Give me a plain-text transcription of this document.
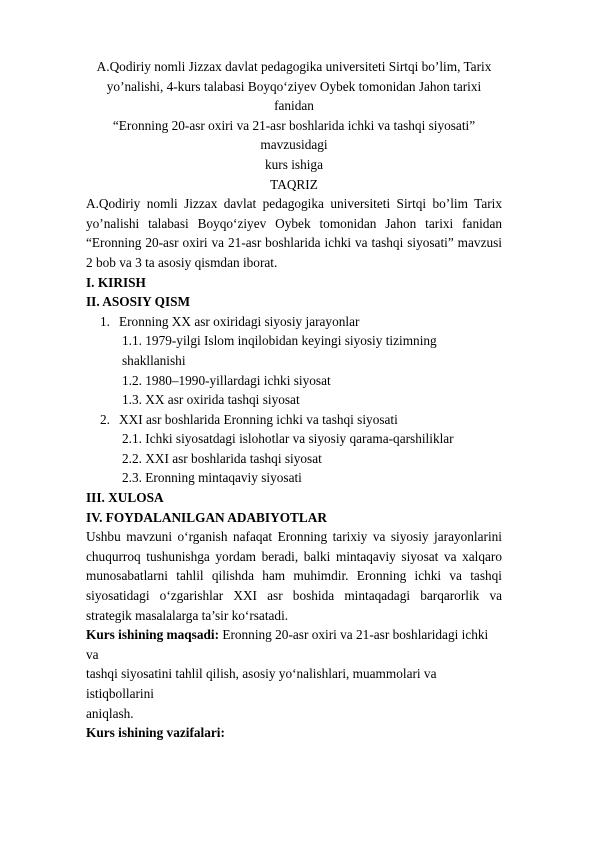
A.Qodiriy nomli Jizzax davlat pedagogika universiteti Sirtqi bo’lim, Tarix

yo’nalishi, 4-kurs talabasi Boyqo‘ziyev Oybek tomonidan Jahon tarixi fanidan

“Eronning 20-asr oxiri va 21-asr boshlarida ichki va tashqi siyosati” mavzusidagi

kurs ishiga

TAQRIZ

A.Qodiriy nomli Jizzax davlat pedagogika universiteti Sirtqi bo’lim Tarix yo’nalishi talabasi Boyqo‘ziyev Oybek tomonidan Jahon tarixi fanidan “Eronning 20-asr oxiri va 21-asr boshlarida ichki va tashqi siyosati” mavzusi 2 bob va 3 ta asosiy qismdan iborat.

I. KIRISH

II. ASOSIY QISM

1. Eronning XX asr oxiridagi siyosiy jarayonlar

1.1. 1979-yilgi Islom inqilobidan keyingi siyosiy tizimning shakllanishi

1.2. 1980–1990-yillardagi ichki siyosat

1.3. XX asr oxirida tashqi siyosat

2. XXI asr boshlarida Eronning ichki va tashqi siyosati

2.1. Ichki siyosatdagi islohotlar va siyosiy qarama-qarshiliklar

2.2. XXI asr boshlarida tashqi siyosat

2.3. Eronning mintaqaviy siyosati

III. XULOSA

IV. FOYDALANILGAN ADABIYOTLAR

Ushbu mavzuni o‘rganish nafaqat Eronning tarixiy va siyosiy jarayonlarini chuqurroq tushunishga yordam beradi, balki mintaqaviy siyosat va xalqaro munosabatlarni tahlil qilishda ham muhimdir. Eronning ichki va tashqi siyosatidagi o‘zgarishlar XXI asr boshida mintaqadagi barqarorlik va strategik masalalarga ta’sir ko‘rsatadi.

Kurs ishining maqsadi: Eronning 20-asr oxiri va 21-asr boshlaridagi ichki va

tashqi siyosatini tahlil qilish, asosiy yo‘nalishlari, muammolari va istiqbollarini

aniqlash.

Kurs ishining vazifalari:
